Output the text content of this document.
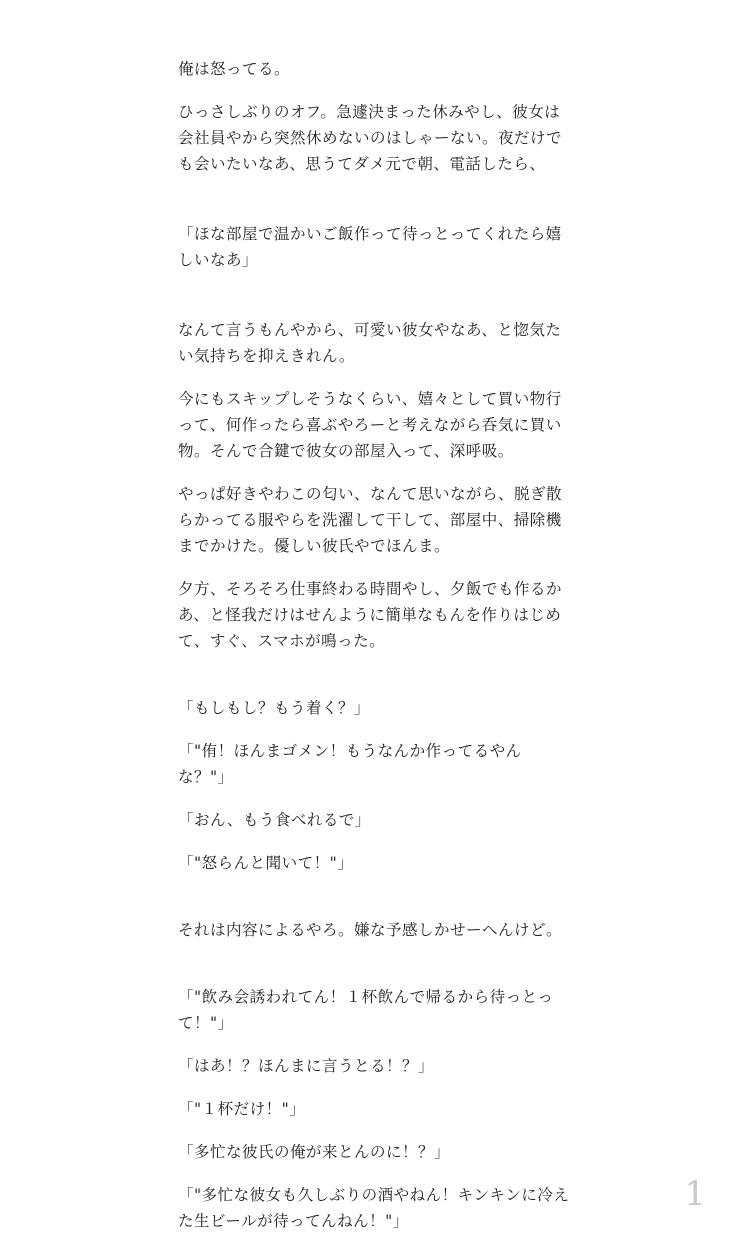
俺は怒ってる。

ひっさしぶりのオフ。急遽決まった休みやし、彼女は
会社員やから突然休めないのはしゃーない。夜だけで
も会いたいなあ、思うてダメ元で朝、電話したら、

「ほな部屋で温かいご飯作って待っとってくれたら嬉
しいなあ」

なんて言うもんやから、可愛い彼女やなあ、と惚気た
い気持ちを抑えきれん。

今にもスキップしそうなくらい、嬉々として買い物行
って、何作ったら喜ぶやろーと考えながら呑気に買い
物。そんで合鍵で彼女の部屋入って、深呼吸。

やっぱ好きやわこの匂い、なんて思いながら、脱ぎ散
らかってる服やらを洗濯して干して、部屋中、掃除機
までかけた。優しい彼氏やでほんま。

夕方、そろそろ仕事終わる時間やし、夕飯でも作るか
あ、と怪我だけはせんように簡単なもんを作りはじめ
て、すぐ、スマホが鳴った。

「もしもし？もう着く？」

「"侑！ほんまゴメン！もうなんか作ってるやん
な？"」

「おん、もう食べれるで」

「"怒らんと聞いて！"」

それは内容によるやろ。嫌な予感しかせーへんけど。

「"飲み会誘われてん！１杯飲んで帰るから待っとっ
て！"」

「はあ！？ほんまに言うとる！？」

「"１杯だけ！"」

「多忙な彼氏の俺が来とんのに！？」

「"多忙な彼女も久しぶりの酒やねん！キンキンに冷え
た生ビールが待ってんねん！"」

1
